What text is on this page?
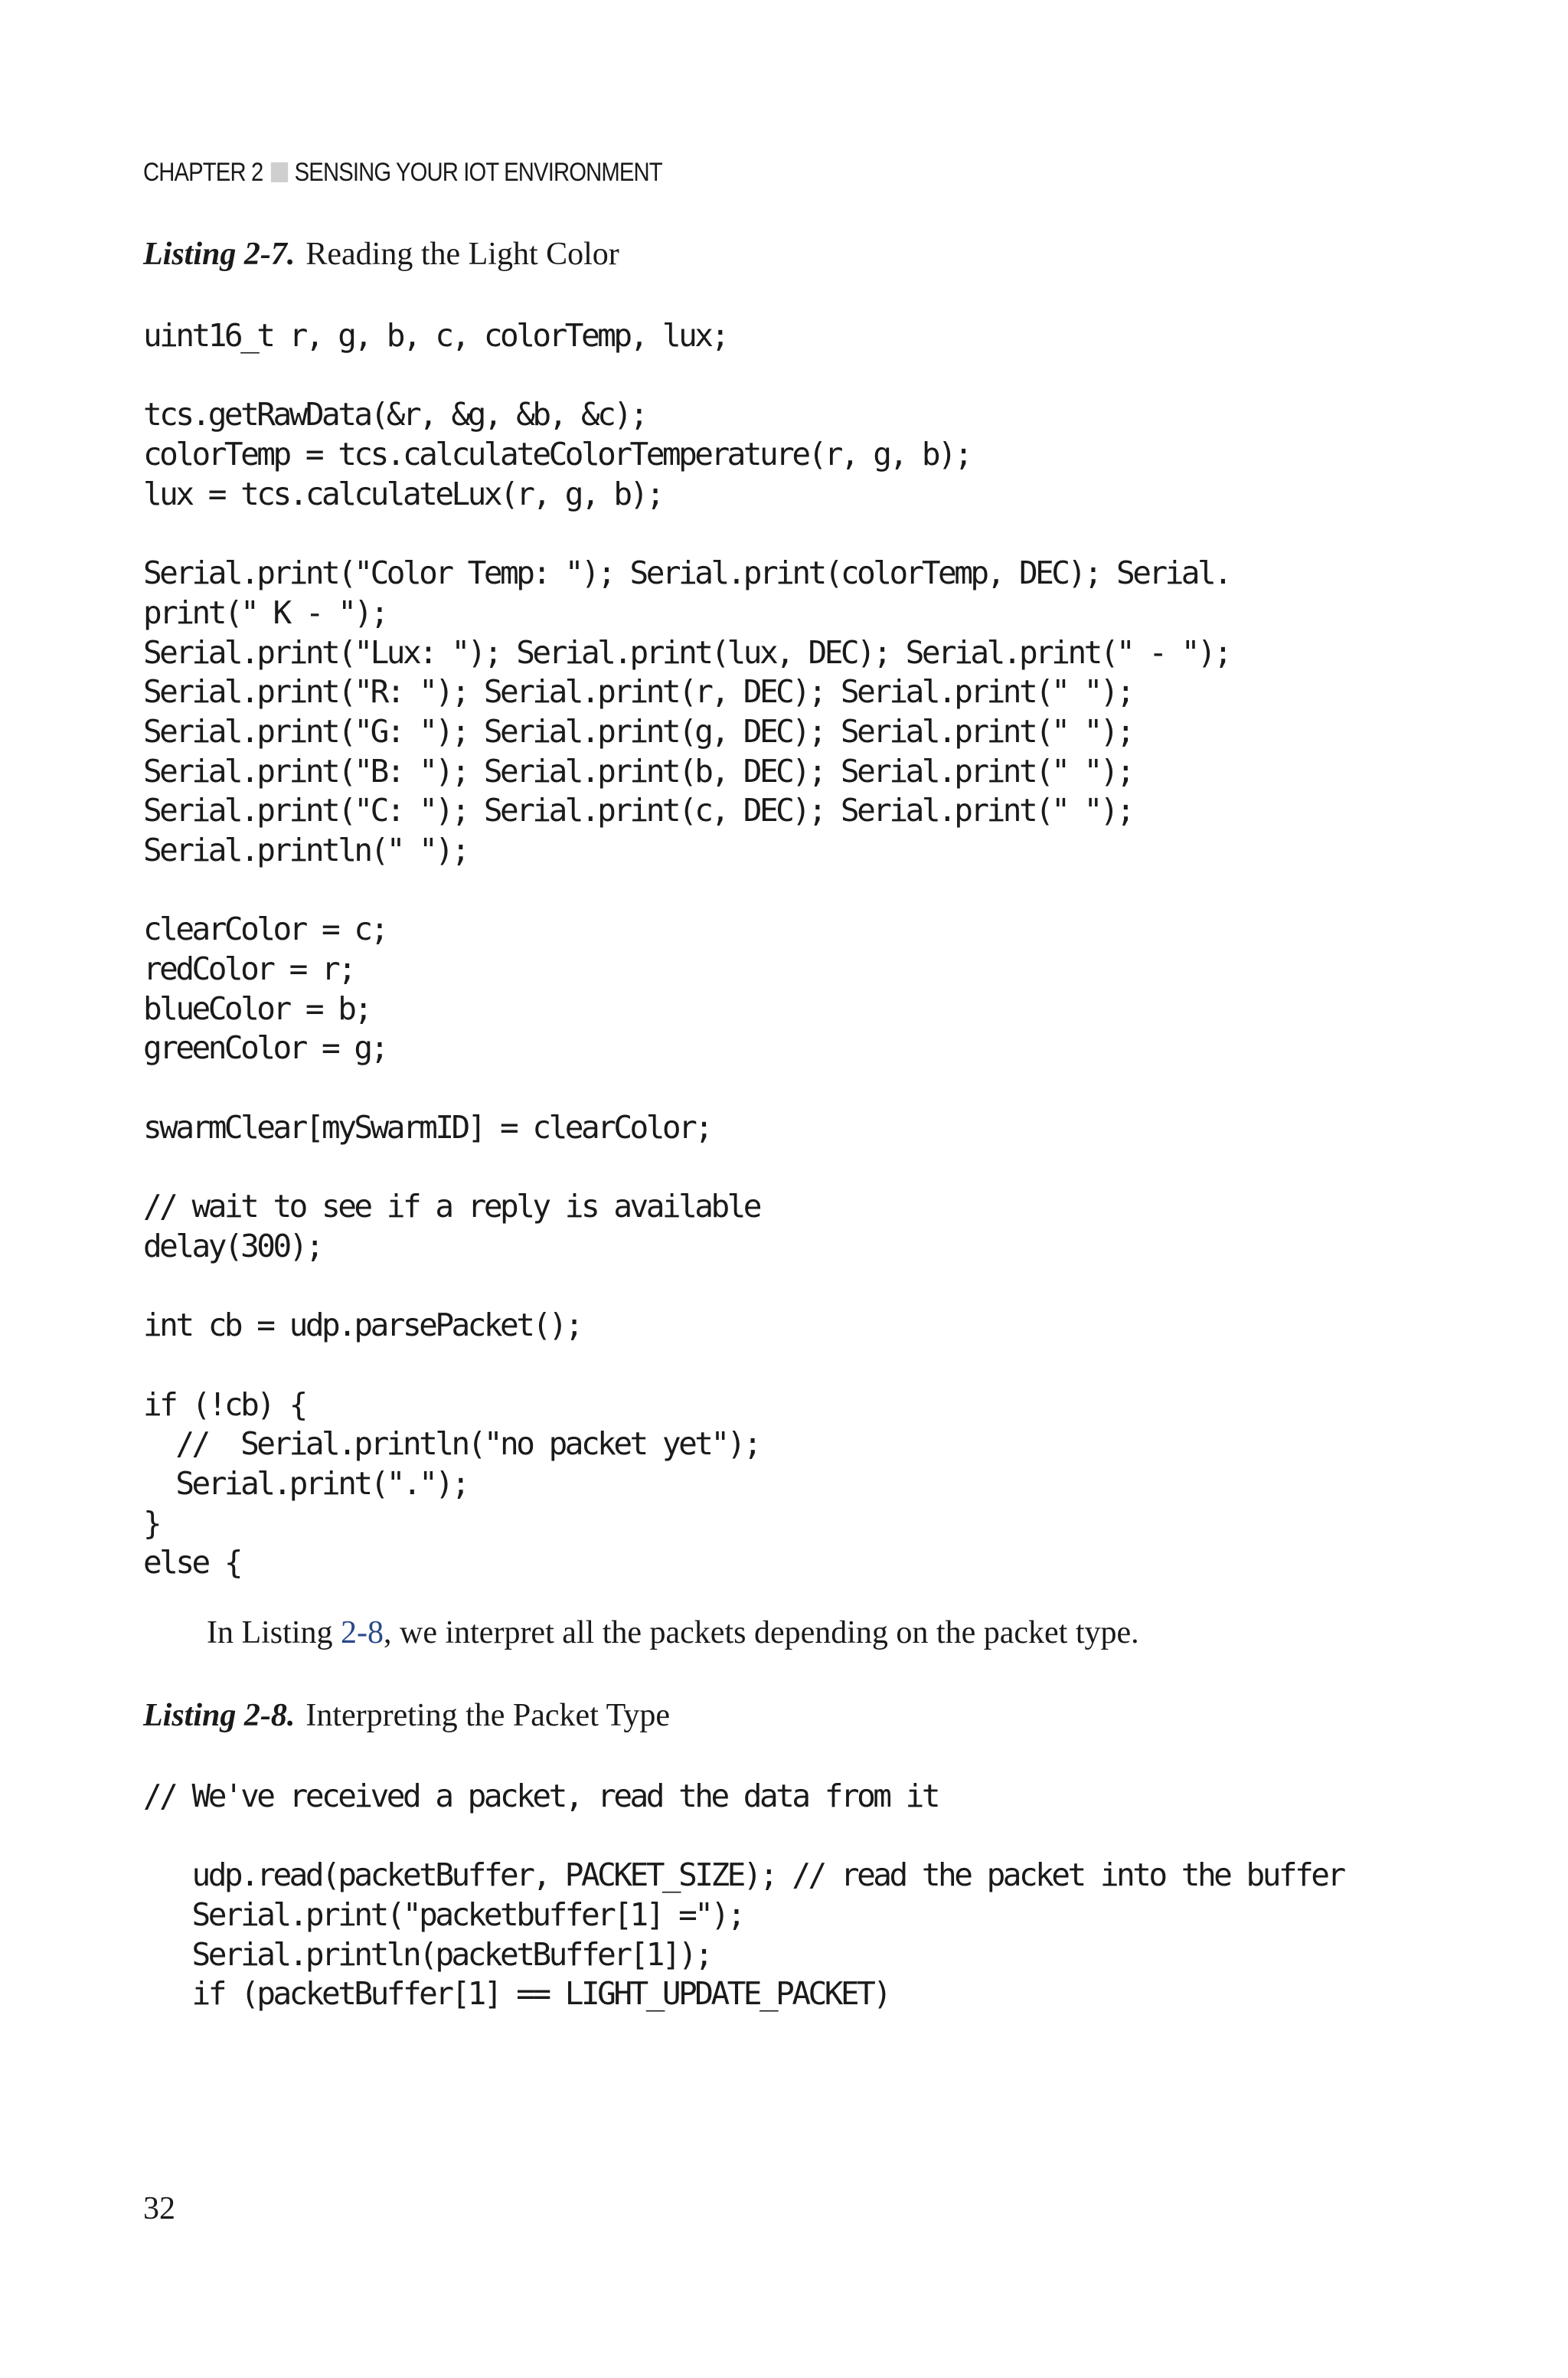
CHAPTER 2 SENSING YOUR IOT ENVIRONMENT
Listing 2-7. Reading the Light Color
uint16_t r, g, b, c, colorTemp, lux;
tcs.getRawData(&r, &g, &b, &c);
colorTemp = tcs.calculateColorTemperature(r, g, b);
lux = tcs.calculateLux(r, g, b);
Serial.print("Color Temp: "); Serial.print(colorTemp, DEC); Serial.
print(" K - ");
Serial.print("Lux: "); Serial.print(lux, DEC); Serial.print(" - ");
Serial.print("R: "); Serial.print(r, DEC); Serial.print(" ");
Serial.print("G: "); Serial.print(g, DEC); Serial.print(" ");
Serial.print("B: "); Serial.print(b, DEC); Serial.print(" ");
Serial.print("C: "); Serial.print(c, DEC); Serial.print(" ");
Serial.println(" ");
clearColor = c;
redColor = r;
blueColor = b;
greenColor = g;
swarmClear[mySwarmID] = clearColor;
// wait to see if a reply is available
delay(300);
int cb = udp.parsePacket();
if (!cb) {
//  Serial.println("no packet yet");
Serial.print(".");
}
else {
In Listing 2-8, we interpret all the packets depending on the packet type.
Listing 2-8. Interpreting the Packet Type
// We've received a packet, read the data from it
udp.read(packetBuffer, PACKET_SIZE); // read the packet into the buffer
Serial.print("packetbuffer[1] =");
Serial.println(packetBuffer[1]);
if (packetBuffer[1] == LIGHT_UPDATE_PACKET)
32
